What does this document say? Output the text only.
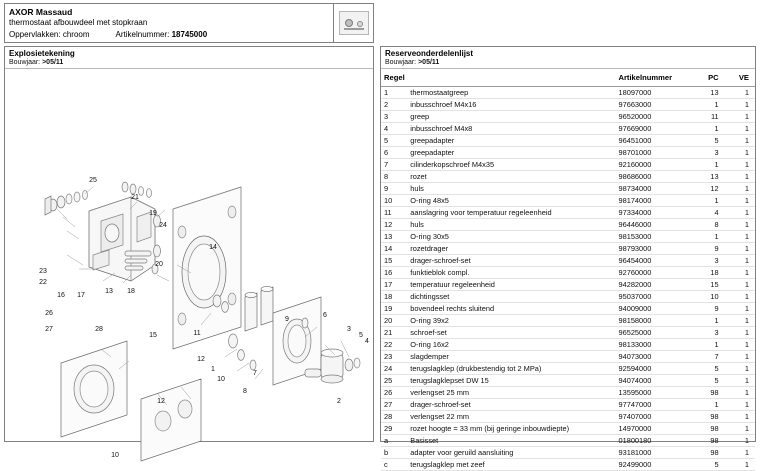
AXOR Massaud
thermostaat afbouwdeel met stopkraan
Oppervlakken: chroom	Artikelnummer: 18745000
Explosietekening
Bouwjaar: >05/11
25
21
19
24
23
22
14
20
18
13
16 17
26
27	28
15	11
9
6
3
5
4
12
1
10
7
2
8
12
10
Reserveonderdelenlijst
Bouwjaar: >05/11
Regel		Artikelnummer	PC	VE
1	thermostaatgreep	18097000	13	1
2	inbusschroef M4x16	97663000	1	1
3	greep	96520000	11	1
4	inbusschroef M4x8	97669000	1	1
5	greepadapter	96451000	5	1
6	greepadapter	98701000	3	1
7	cilinderkopschroef M4x35	92160000	1	1
8	rozet	98686000	13	1
9	huls	98734000	12	1
10	O-ring 48x5	98174000	1	1
11	aanslagring voor temperatuur regeleenheid	97334000	4	1
12	huls	96446000	8	1
13	O-ring 30x5	98153000	1	1
14	rozetdrager	98793000	9	1
15	drager-schroef-set	96454000	3	1
16	funktieblok compl.	92760000	18	1
17	temperatuur regeleenheid	94282000	15	1
18	dichtingsset	95037000	10	1
19	bovendeel rechts sluitend	94009000	9	1
20	O-ring 39x2	98158000	1	1
21	schroef-set	96525000	3	1
22	O-ring 16x2	98133000	1	1
23	slagdemper	94073000	7	1
24	terugslagklep (drukbestendig tot 2 MPa)	92594000	5	1
25	terugslagklepset DW 15	94074000	5	1
26	verlengset 25 mm	13595000	98	1
27	drager-schroef-set	97747000	1	1
28	verlengset 22 mm	97407000	98	1
29	rozet hoogte = 33 mm (bij geringe inbouwdiepte)	14970000	98	1
a	Basisset	01800180	98	1
b	adapter voor geruild aansluiting	93181000	98	1
c	terugslagklep met zeef	92499000	5	1
